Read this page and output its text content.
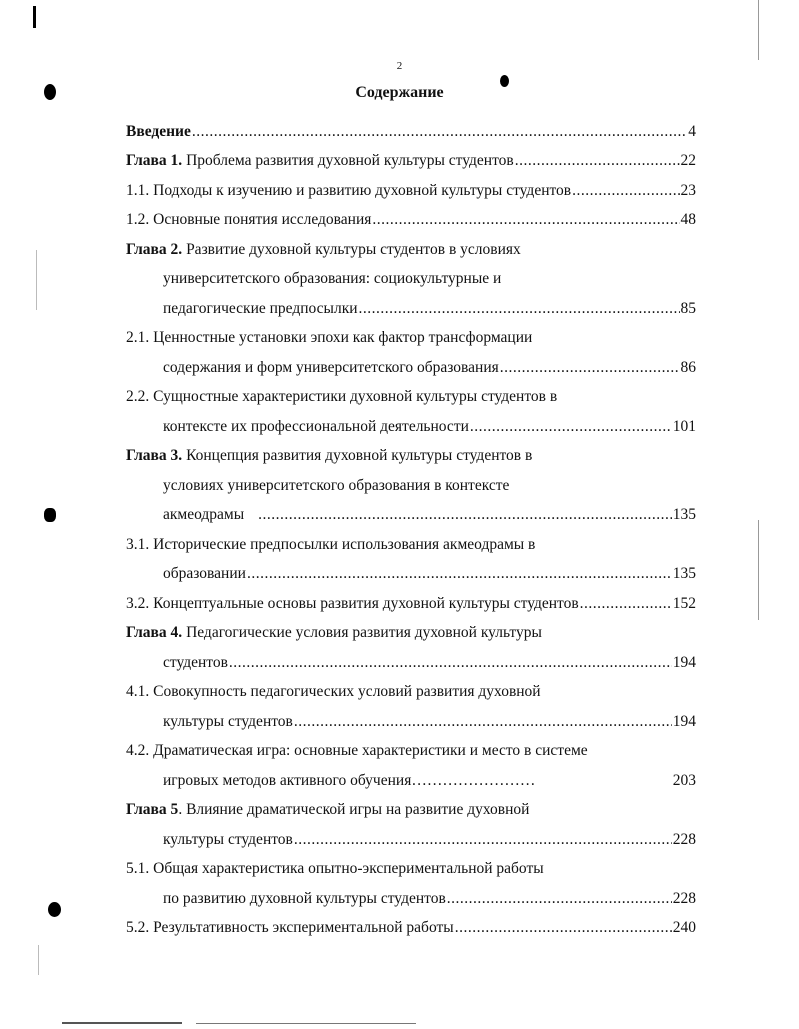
2
Содержание
Введение .....	4
Глава 1. Проблема развития духовной культуры студентов .....	22
1.1. Подходы к изучению и развитию духовной культуры студентов .....	23
1.2. Основные понятия исследования .....	48
Глава 2. Развитие духовной культуры студентов в условиях
университетского образования: социокультурные и
педагогические предпосылки .....	85
2.1. Ценностные установки эпохи как фактор трансформации
содержания и форм университетского образования .....	86
2.2. Сущностные характеристики духовной культуры студентов в
контексте их профессиональной деятельности .....	101
Глава 3. Концепция развития духовной культуры студентов в
условиях университетского образования в контексте
акмеодрамы .....	135
3.1. Исторические предпосылки использования акмеодрамы в
образовании .....	135
3.2. Концептуальные основы развития духовной культуры студентов .....	152
Глава 4. Педагогические условия развития духовной культуры
студентов .....	194
4.1. Совокупность педагогических условий развития духовной
культуры студентов .....	194
4.2. Драматическая игра: основные характеристики и место в системе
игровых методов активного обучения……………………	203
Глава 5. Влияние драматической игры на развитие духовной
культуры студентов .....	228
5.1. Общая характеристика опытно-экспериментальной работы
по развитию духовной культуры студентов .....	228
5.2. Результативность экспериментальной работы .....	240
